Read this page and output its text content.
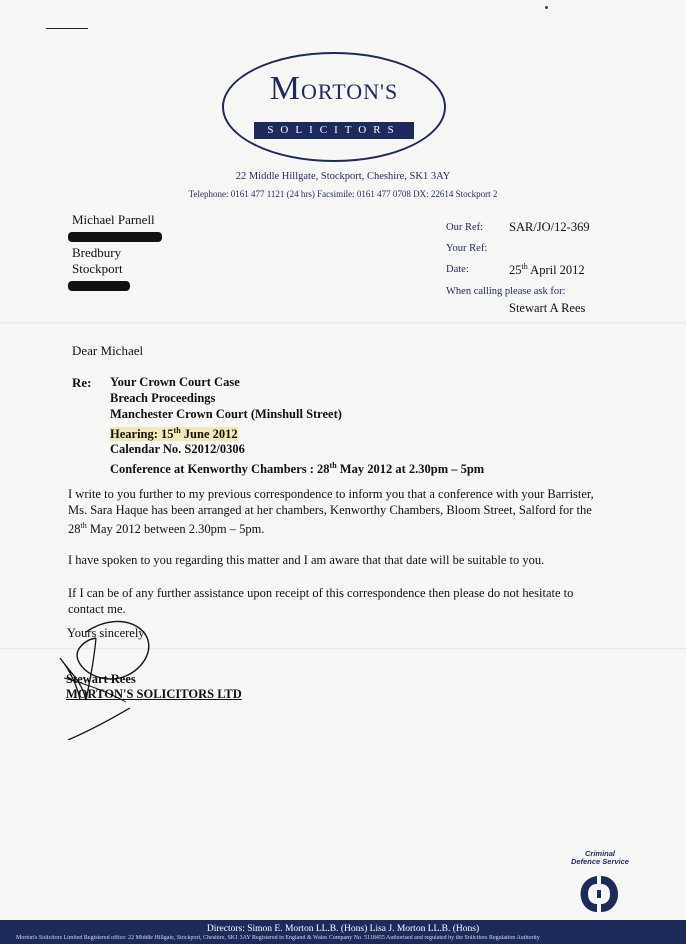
MORTON'S
SOLICITORS
22 Middle Hillgate, Stockport, Cheshire, SK1 3AY
Telephone: 0161 477 1121 (24 hrs) Facsimile: 0161 477 0708 DX: 22614 Stockport 2
Michael Parnell
Bredbury
Stockport
Our Ref: SAR/JO/12-369
Your Ref:
Date:	25th April 2012
When calling please ask for:
Stewart A Rees
Dear Michael
Re: Your Crown Court Case
Breach Proceedings
Manchester Crown Court (Minshull Street)
Hearing: 15th June 2012
Calendar No. S2012/0306
Conference at Kenworthy Chambers : 28th May 2012 at 2.30pm – 5pm
I write to you further to my previous correspondence to inform you that a conference with your Barrister, Ms. Sara Haque has been arranged at her chambers, Kenworthy Chambers, Bloom Street, Salford for the 28th May 2012 between 2.30pm – 5pm.
I have spoken to you regarding this matter and I am aware that that date will be suitable to you.
If I can be of any further assistance upon receipt of this correspondence then please do not hesitate to contact me.
Yours sincerely
Stewart Rees
MORTON'S SOLICITORS LTD
Criminal
Defence Service
Directors: Simon E. Morton LL.B. (Hons) Lisa J. Morton LL.B. (Hons)
Morton's Solicitors Limited Registered office: 22 Middle Hillgate, Stockport, Cheshire, SK1 3AY Registered in England & Wales Company No. 5118455 Authorised and regulated by the Solicitors Regulation Authority
